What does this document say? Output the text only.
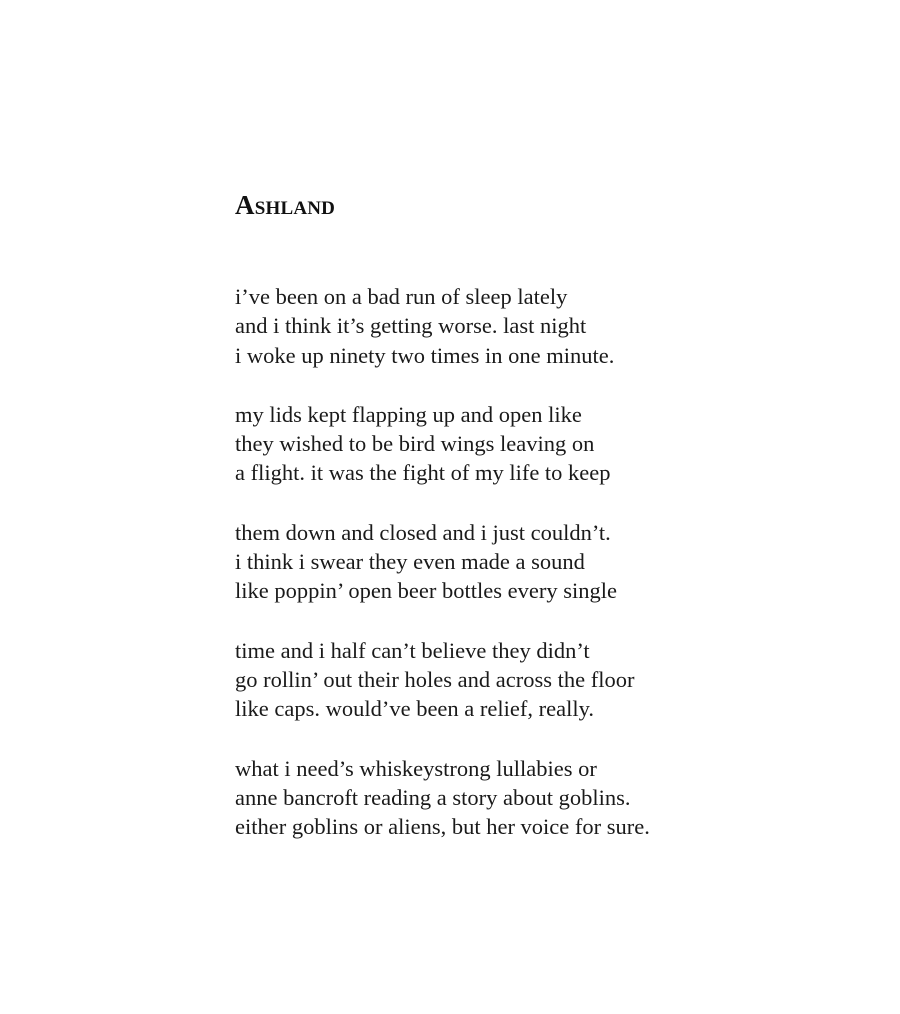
Ashland
i’ve been on a bad run of sleep lately
and i think it’s getting worse. last night
i woke up ninety two times in one minute.
my lids kept flapping up and open like
they wished to be bird wings leaving on
a flight. it was the fight of my life to keep
them down and closed and i just couldn’t.
i think i swear they even made a sound
like poppin’ open beer bottles every single
time and i half can’t believe they didn’t
go rollin’ out their holes and across the floor
like caps. would’ve been a relief, really.
what i need’s whiskeystrong lullabies or
anne bancroft reading a story about goblins.
either goblins or aliens, but her voice for sure.
